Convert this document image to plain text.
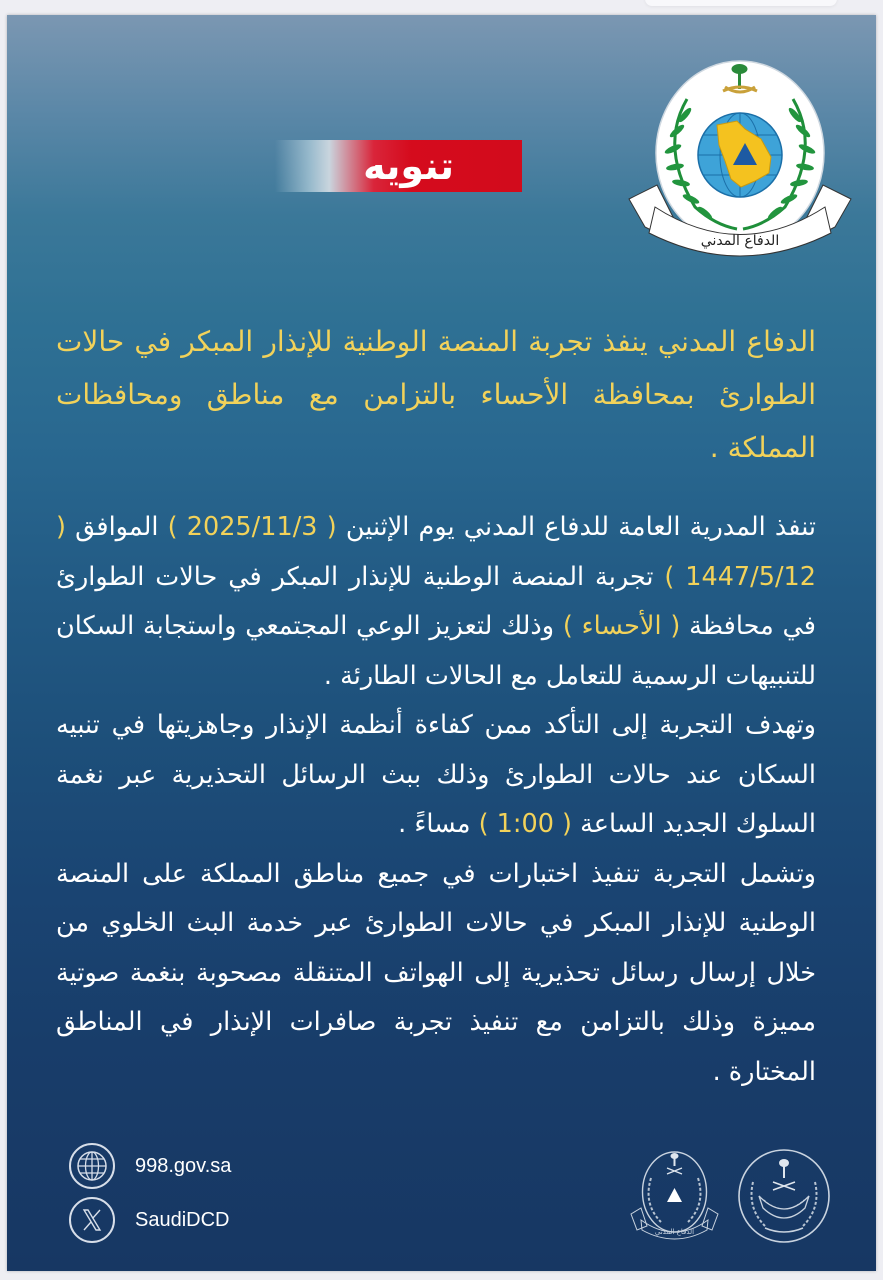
تنويه
الدفاع المدني
الدفاع المدني ينفذ تجربة المنصة الوطنية للإنذار المبكر في حالات الطوارئ بمحافظة الأحساء بالتزامن مع مناطق ومحافظات المملكة .

تنفذ المدرية العامة للدفاع المدني يوم الإثنين ( 2025/11/3 ) الموافق ( 1447/5/12 ) تجربة المنصة الوطنية للإنذار المبكر في حالات الطوارئ في محافظة ( الأحساء ) وذلك لتعزيز الوعي المجتمعي واستجابة السكان للتنبيهات الرسمية للتعامل مع الحالات الطارئة .

وتهدف التجربة إلى التأكد ممن كفاءة أنظمة الإنذار وجاهزيتها في تنبيه السكان عند حالات الطوارئ وذلك ببث الرسائل التحذيرية عبر نغمة السلوك الجديد الساعة ( 1:00 ) مساءً .

وتشمل التجربة تنفيذ اختبارات في جميع مناطق المملكة على المنصة الوطنية للإنذار المبكر في حالات الطوارئ عبر خدمة البث الخلوي من خلال إرسال رسائل تحذيرية إلى الهواتف المتنقلة مصحوبة بنغمة صوتية مميزة وذلك بالتزامن مع تنفيذ تجربة صافرات الإنذار في المناطق المختارة .

998.gov.sa
SaudiDCD
الدفاع المدني
